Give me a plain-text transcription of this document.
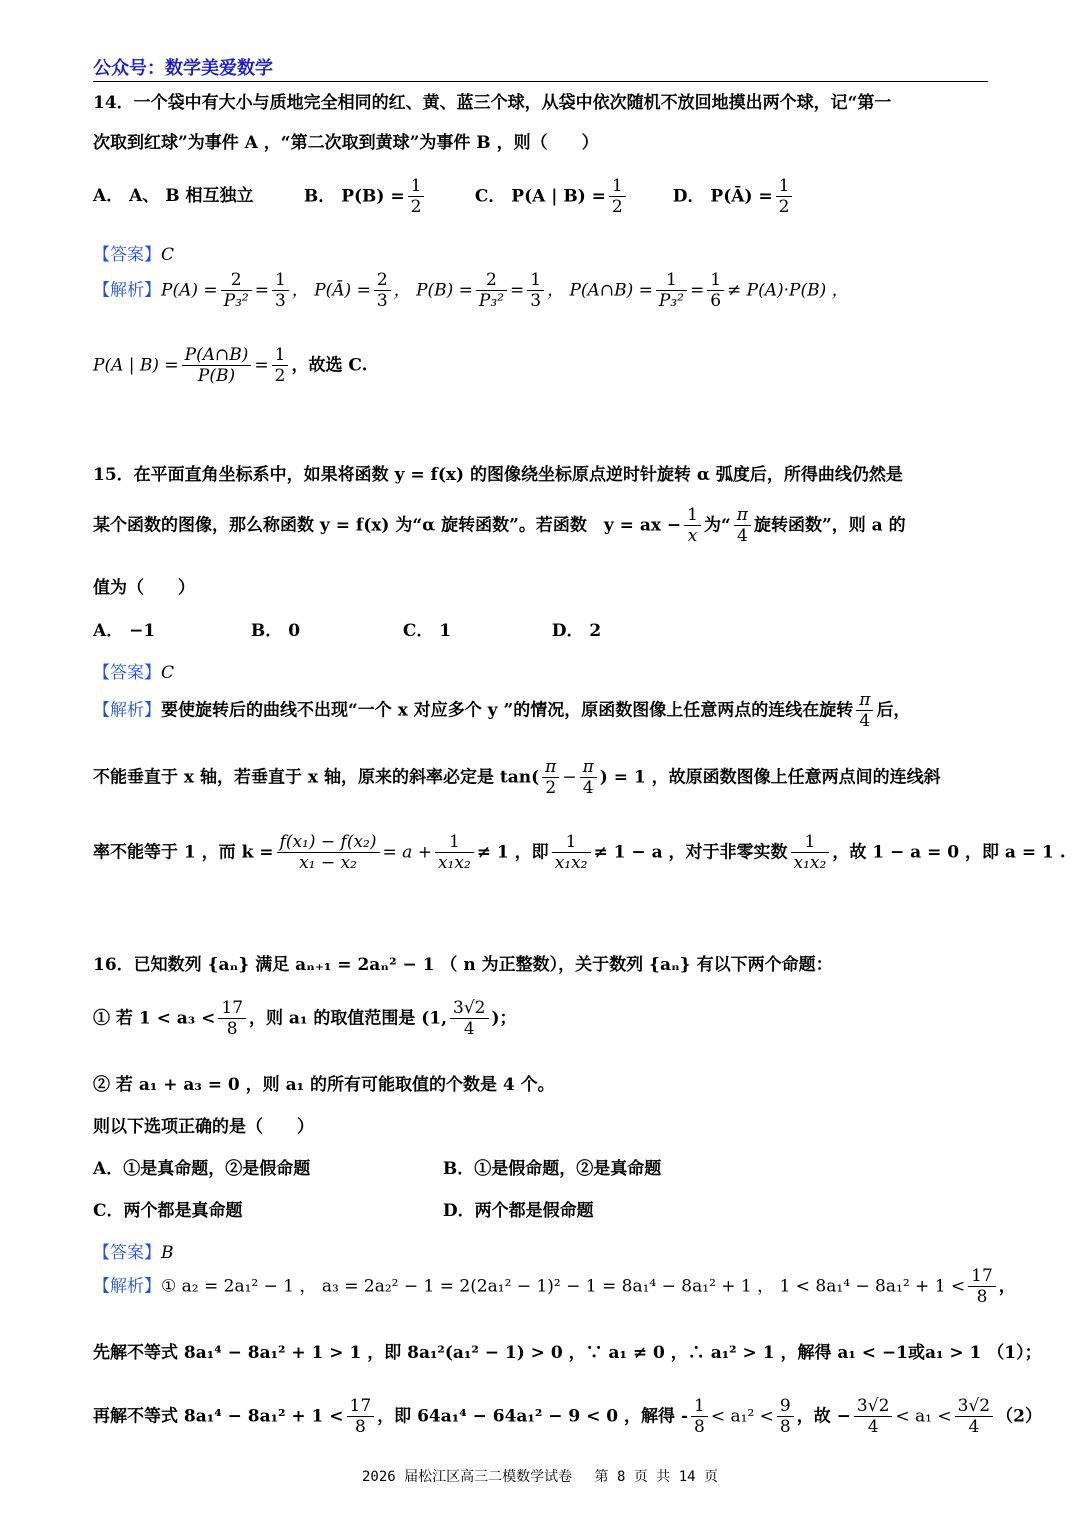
公众号：数学美爱数学
14．一个袋中有大小与质地完全相同的红、黄、蓝三个球，从袋中依次随机不放回地摸出两个球，记“第一
次取到红球”为事件 A ，“第二次取到黄球”为事件 B ，则（　　）
A． A、 B 相互独立	B． $P(B) = \frac{1}{2}$	C． P(A | $B) = \frac{1}{2}$	D． P(Ā) = $\frac{1}{2}$
【答案】C
【解析】$P(A) = \frac{2}{\text{P₃²}} = \frac{1}{3}$ ， P(Ā) = $\frac{2}{3}$ ， $P(B) = \frac{2}{\text{P₃²}} = \frac{1}{3}$ ， P(A∩B) = $\frac{1}{\text{P₃²}} = \frac{1}{6} \ne P(A)\cdot P(B)$ ，
P(A | $B) = \frac{P(A\cap B)}{P(B)} = \frac{1}{2}$ ，故选 C.
15．在平面直角坐标系中，如果将函数 y = f(x) 的图像绕坐标原点逆时针旋转 α 弧度后，所得曲线仍然是
某个函数的图像，那么称函数 y = f(x) 为“α 旋转函数”。若函数　y = ax − $\frac{1}{x}$ 为“ $\frac{\pi}{4}$ 旋转函数”，则 a 的
值为（　　）
A． −1	B． 0	C． 1	D． 2
【答案】C
【解析】要使旋转后的曲线不出现“一个 x 对应多个 y ”的情况，原函数图像上任意两点的连线在旋转 $\frac{\pi}{4}$ 后，
不能垂直于 x 轴，若垂直于 x 轴，原来的斜率必定是 $\tan( \frac{\pi}{2} - \frac{\pi}{4}$ ) = 1 ，故原函数图像上任意两点间的连线斜
率不能等于 1 ，而 $k = \frac{\text{f(x₁) − f(x₂)}}{\text{x₁ − x₂}} = a + \frac{1}{\text{x₁x₂}} \ne 1$ ，即 $\frac{1}{\text{x₁x₂}} \ne 1 - a$ ，对于非零实数 $\frac{1}{\text{x₁x₂}}$ ，故 1 − a = 0 ，即 a = 1 .
16．已知数列 {aₙ} 满足 aₙ₊₁ = 2aₙ² − 1 （ n 为正整数），关于数列 {aₙ} 有以下两个命题：
① 若 $1 < a_3 < \frac{17}{8}$ ，则 a₁ 的取值范围是 (1, $\frac{3√2}{4}$ )；
② 若 a₁ + a₃ = 0 ，则 a₁ 的所有可能取值的个数是 4 个。
则以下选项正确的是（　　）
A．①是真命题，②是假命题	B．①是假命题，②是真命题
C．两个都是真命题	D．两个都是假命题
【答案】B
【解析】① a₂ = 2a₁² − 1 ， a₃ = 2a₂² − 1 = 2(2a₁² − 1)² − 1 = 8a₁⁴ − 8a₁² + 1 ， $1 < 8a_1^4 - 8a_1^2 + 1 < \frac{17}{8}$ ，
先解不等式 8a₁⁴ − 8a₁² + 1 > 1 ，即 8a₁²(a₁² − 1) > 0 ，∵ a₁ ≠ 0 ，∴ a₁² > 1 ，解得 a₁ < −1或a₁ > 1 （1）；
再解不等式 $8a_1^4 - 8a_1^2 + 1 < \frac{17}{8}$ ，即 64a₁⁴ − 64a₁² − 9 < 0 ，解得 - $\frac{1}{8} < a_1^2 < \frac{9}{8}$ ，故 − $\frac{3√2}{4} < a_1 < \frac{3√2}{4} (2)$
2026 届松江区高三二模数学试卷　 第 8 页 共 14 页
